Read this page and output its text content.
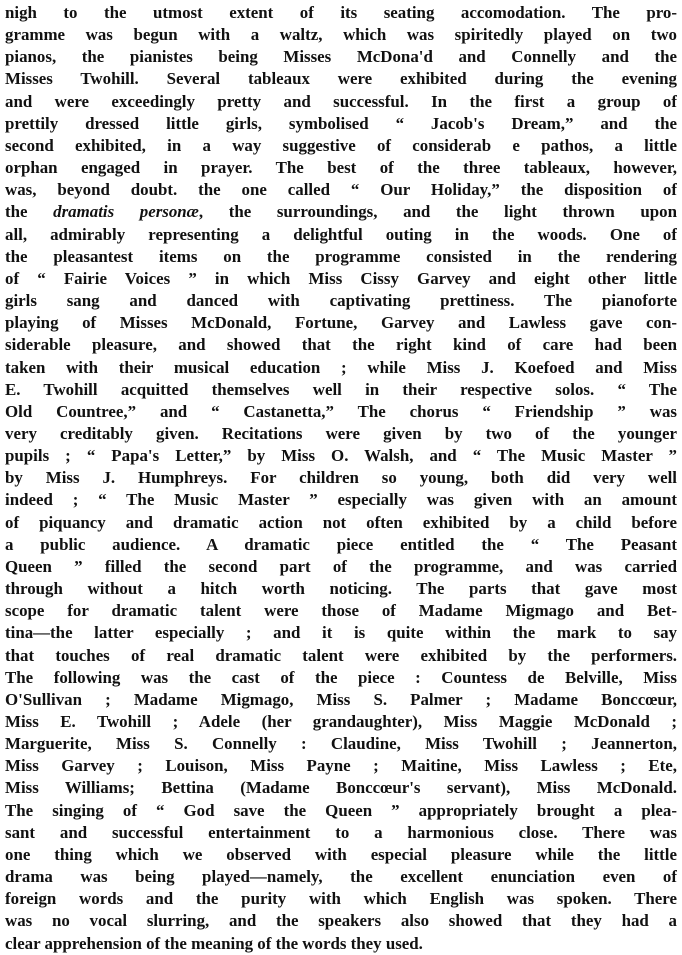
nigh to the utmost extent of its seating accomodation. The pro-
gramme was begun with a waltz, which was spiritedly played on two
pianos, the pianistes being Misses McDona'd and Connelly and the
Misses Twohill. Several tableaux were exhibited during the evening
and were exceedingly pretty and successful. In the first a group of
prettily dressed little girls, symbolised “ Jacob's Dream,” and the
second exhibited, in a way suggestive of considerab e pathos, a little
orphan engaged in prayer. The best of the three tableaux, however,
was, beyond doubt. the one called “ Our Holiday,” the disposition of
the dramatis personæ, the surroundings, and the light thrown upon
all, admirably representing a delightful outing in the woods. One of
the pleasantest items on the programme consisted in the rendering
of “ Fairie Voices ” in which Miss Cissy Garvey and eight other little
girls sang and danced with captivating prettiness. The pianoforte
playing of Misses McDonald, Fortune, Garvey and Lawless gave con-
siderable pleasure, and showed that the right kind of care had been
taken with their musical education ; while Miss J. Koefoed and Miss
E. Twohill acquitted themselves well in their respective solos. “ The
Old Countree,” and “ Castanetta,” The chorus “ Friendship ” was
very creditably given. Recitations were given by two of the younger
pupils ; “ Papa's Letter,” by Miss O. Walsh, and “ The Music Master ”
by Miss J. Humphreys. For children so young, both did very well
indeed ; “ The Music Master ” especially was given with an amount
of piquancy and dramatic action not often exhibited by a child before
a public audience. A dramatic piece entitled the “ The Peasant
Queen ” filled the second part of the programme, and was carried
through without a hitch worth noticing. The parts that gave most
scope for dramatic talent were those of Madame Migmago and Bet-
tina—the latter especially ; and it is quite within the mark to say
that touches of real dramatic talent were exhibited by the performers.
The following was the cast of the piece : Countess de Belville, Miss
O'Sullivan ; Madame Migmago, Miss S. Palmer ; Madame Bonccœur,
Miss E. Twohill ; Adele (her grandaughter), Miss Maggie McDonald ;
Marguerite, Miss S. Connelly : Claudine, Miss Twohill ; Jeannerton,
Miss Garvey ; Louison, Miss Payne ; Maitine, Miss Lawless ; Ete,
Miss Williams; Bettina (Madame Bonccœur's servant), Miss McDonald.
The singing of “ God save the Queen ” appropriately brought a plea-
sant and successful entertainment to a harmonious close. There was
one thing which we observed with especial pleasure while the little
drama was being played—namely, the excellent enunciation even of
foreign words and the purity with which English was spoken. There
was no vocal slurring, and the speakers also showed that they had a
clear apprehension of the meaning of the words they used.
